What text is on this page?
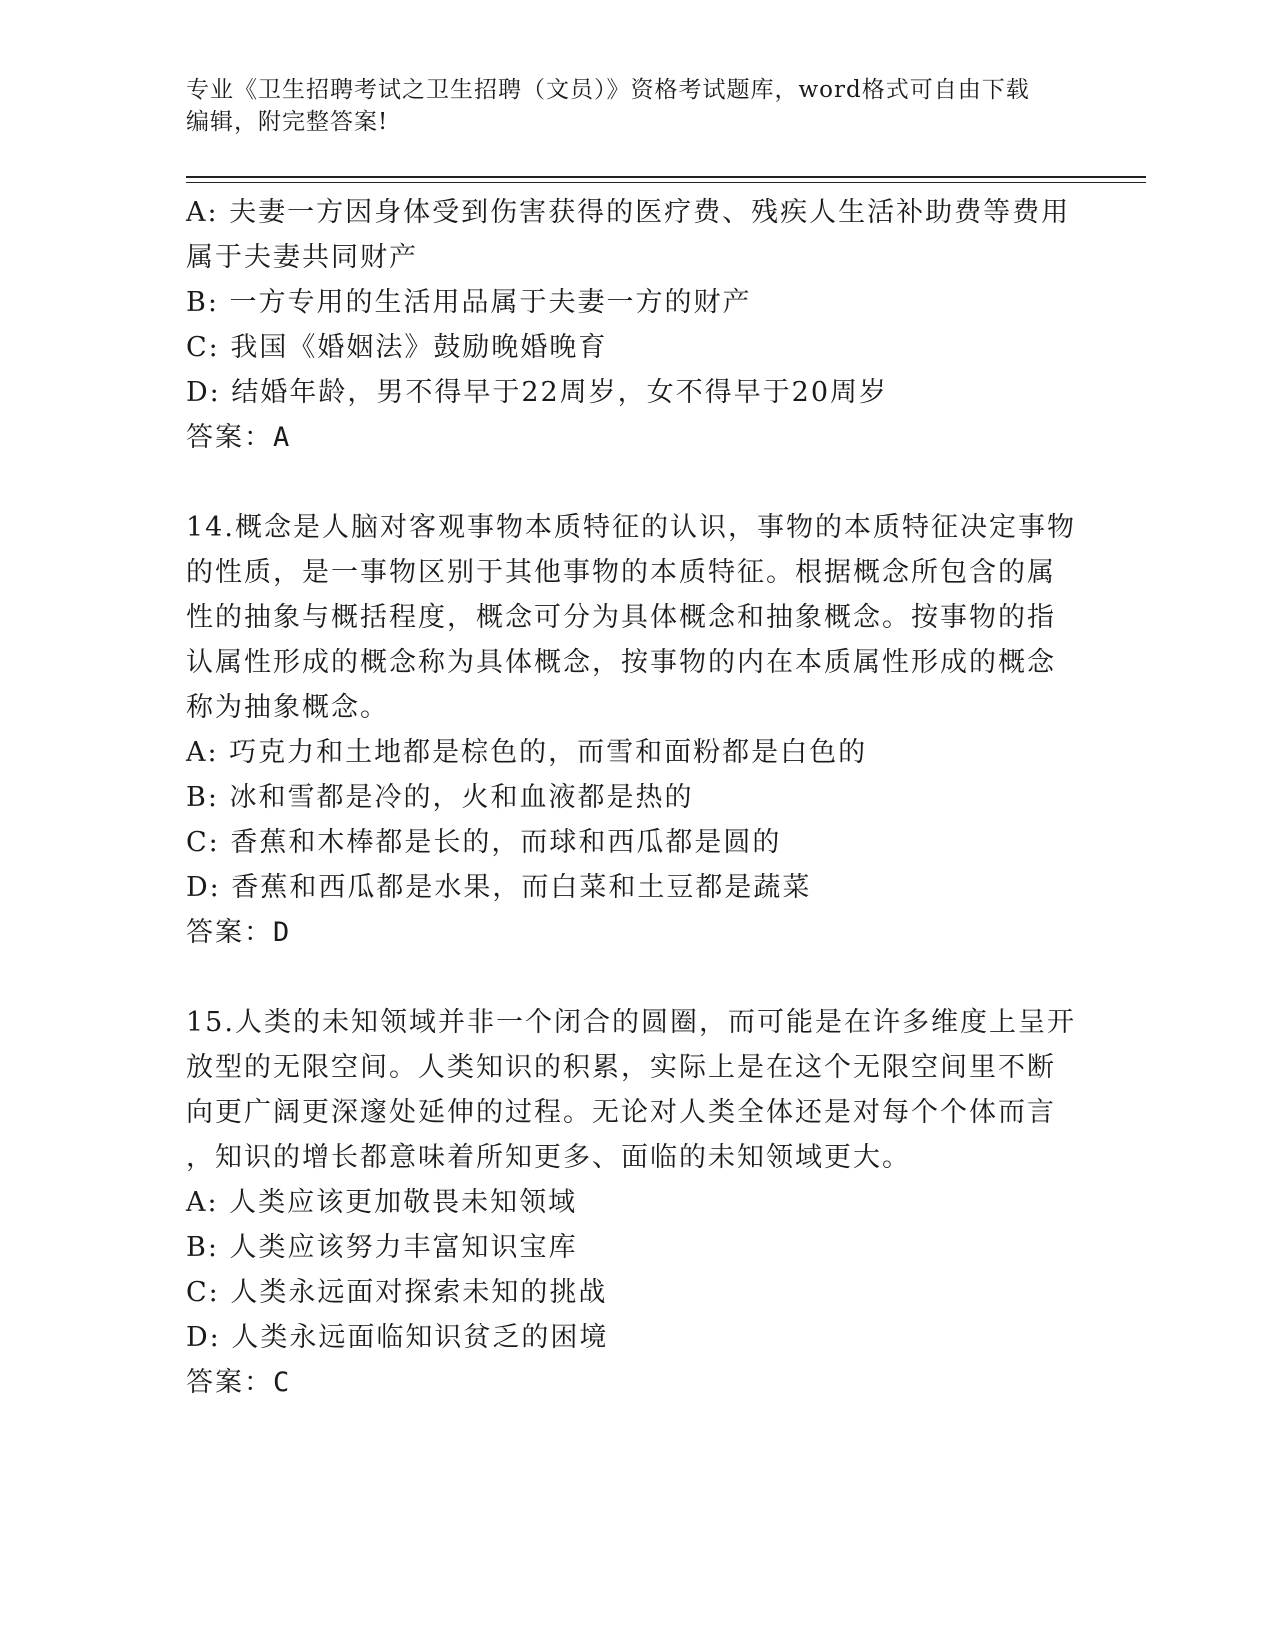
专业《卫生招聘考试之卫生招聘（文员）》资格考试题库，word格式可自由下载
编辑，附完整答案!

A: 夫妻一方因身体受到伤害获得的医疗费、残疾人生活补助费等费用

属于夫妻共同财产

B: 一方专用的生活用品属于夫妻一方的财产

C: 我国《婚姻法》鼓励晚婚晚育

D: 结婚年龄，男不得早于22周岁，女不得早于20周岁

答案：A

14.概念是人脑对客观事物本质特征的认识，事物的本质特征决定事物

的性质，是一事物区别于其他事物的本质特征。根据概念所包含的属

性的抽象与概括程度，概念可分为具体概念和抽象概念。按事物的指

认属性形成的概念称为具体概念，按事物的内在本质属性形成的概念

称为抽象概念。

A: 巧克力和土地都是棕色的，而雪和面粉都是白色的

B: 冰和雪都是冷的，火和血液都是热的

C: 香蕉和木棒都是长的，而球和西瓜都是圆的

D: 香蕉和西瓜都是水果，而白菜和土豆都是蔬菜

答案：D

15.人类的未知领域并非一个闭合的圆圈，而可能是在许多维度上呈开

放型的无限空间。人类知识的积累，实际上是在这个无限空间里不断

向更广阔更深邃处延伸的过程。无论对人类全体还是对每个个体而言

，知识的增长都意味着所知更多、面临的未知领域更大。

A: 人类应该更加敬畏未知领域

B: 人类应该努力丰富知识宝库

C: 人类永远面对探索未知的挑战

D: 人类永远面临知识贫乏的困境

答案：C
